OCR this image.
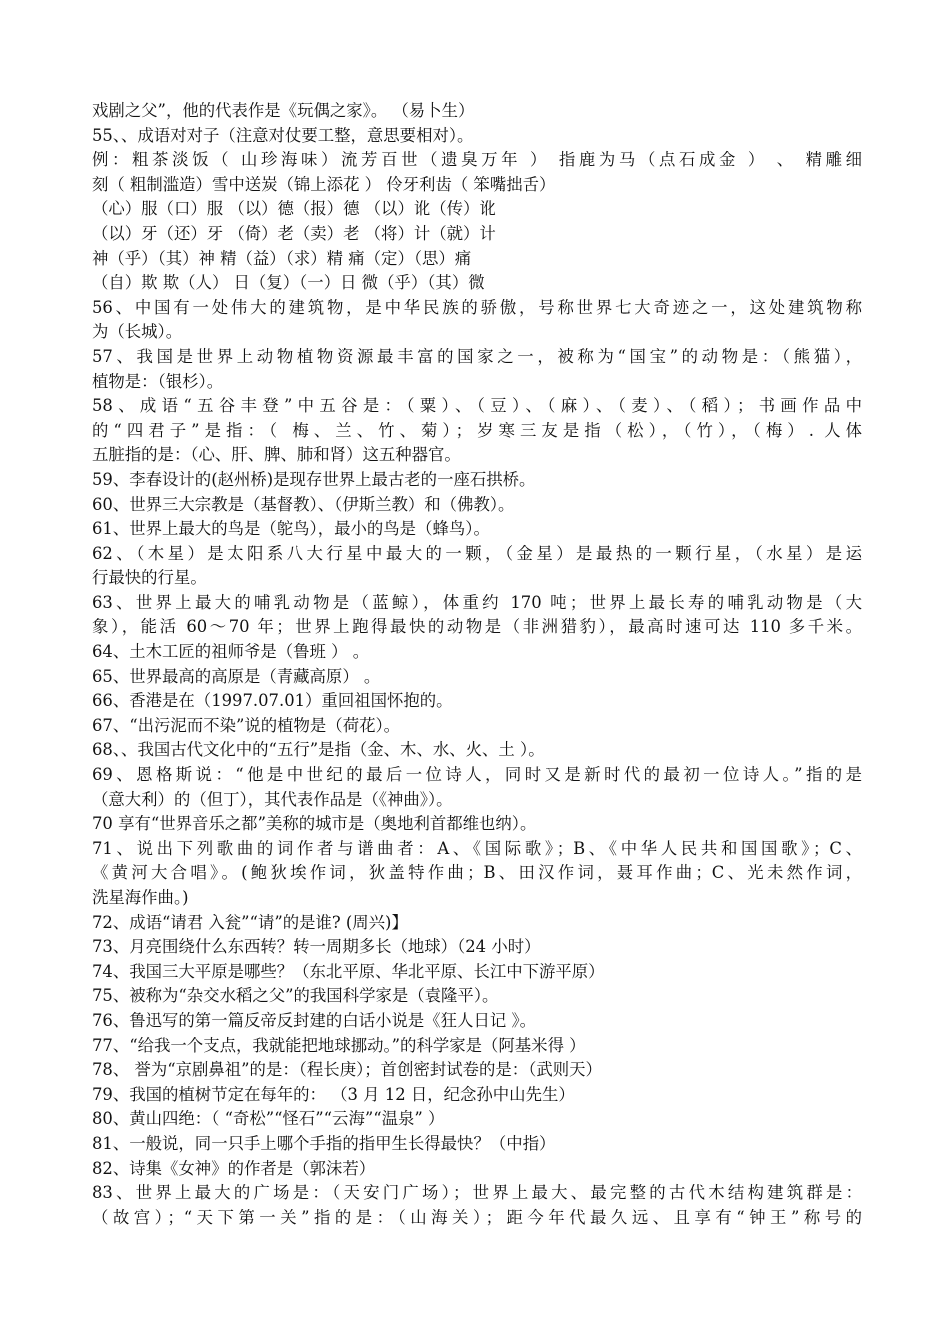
戏剧之父”，他的代表作是《玩偶之家》。 （易卜生）
55、、成语对对子（注意对仗要工整，意思要相对）。
例：粗茶淡饭（ 山珍海味）流芳百世（遗臭万年 ） 指鹿为马（点石成金 ） 、 精雕细
刻（ 粗制滥造）雪中送炭（锦上添花 ） 伶牙利齿（ 笨嘴拙舌）
（心）服（口）服 （以）德（报）德 （以）讹（传）讹
（以）牙（还）牙 （倚）老（卖）老 （将）计（就）计
神（乎）（其）神 精（益）（求）精 痛（定）（思）痛
（自）欺 欺（人） 日（复）（一）日 微（乎）（其）微
56、中国有一处伟大的建筑物，是中华民族的骄傲，号称世界七大奇迹之一，这处建筑物称
为（长城）。
57、我国是世界上动物植物资源最丰富的国家之一，被称为“国宝”的动物是：（熊猫），
植物是：（银杉）。
58、成语“五谷丰登”中五谷是：（粟）、（豆）、（麻）、（麦）、（稻）；书画作品中
的“四君子”是指：（ 梅、兰、竹、菊）；岁寒三友是指（松），（竹），（梅）. 人体
五脏指的是：（心、肝、脾、肺和肾）这五种器官。
59、李春设计的(赵州桥)是现存世界上最古老的一座石拱桥。
60、世界三大宗教是（基督教）、（伊斯兰教）和（佛教）。
61、世界上最大的鸟是（鸵鸟），最小的鸟是（蜂鸟）。
62、（木星）是太阳系八大行星中最大的一颗，（金星）是最热的一颗行星，（水星）是运
行最快的行星。
63、世界上最大的哺乳动物是（蓝鲸），体重约 170 吨；世界上最长寿的哺乳动物是（大
象），能活 60～70 年；世界上跑得最快的动物是（非洲猎豹），最高时速可达 110 多千米。
64、土木工匠的祖师爷是（鲁班 ） 。
65、世界最高的高原是（青藏高原） 。
66、香港是在（1997.07.01）重回祖国怀抱的。
67、“出污泥而不染”说的植物是（荷花）。
68、、我国古代文化中的“五行”是指（金、木、水、火、土 ）。
69、恩格斯说：“他是中世纪的最后一位诗人，同时又是新时代的最初一位诗人。”指的是
（意大利）的（但丁），其代表作品是（《神曲》）。
70 享有“世界音乐之都”美称的城市是（奥地利首都维也纳）。
71、说出下列歌曲的词作者与谱曲者：A、《国际歌》；B、《中华人民共和国国歌》；C、
《黄河大合唱》。(鲍狄埃作词，狄盖特作曲；B、田汉作词，聂耳作曲；C、光未然作词，
洗星海作曲。)
72、成语“请君 入瓮”“请”的是谁? (周兴)】
73、月亮围绕什么东西转？转一周期多长（地球）（24 小时）
74、我国三大平原是哪些？（东北平原、华北平原、长江中下游平原）
75、被称为“杂交水稻之父”的我国科学家是（袁隆平）。
76、鲁迅写的第一篇反帝反封建的白话小说是《狂人日记 》。
77、“给我一个支点，我就能把地球挪动。”的科学家是（阿基米得 ）
78、 誉为“京剧鼻祖”的是：（程长庚）；首创密封试卷的是：（武则天）
79、我国的植树节定在每年的： （3 月 12 日，纪念孙中山先生）
80、黄山四绝：（ “奇松”“怪石”“云海”“温泉” ）
81、一般说，同一只手上哪个手指的指甲生长得最快？（中指）
82、诗集《女神》的作者是（郭沫若）
83、世界上最大的广场是：（天安门广场）；世界上最大、最完整的古代木结构建筑群是：
（故宫）；“天下第一关”指的是：（山海关）；距今年代最久远、且享有“钟王”称号的
